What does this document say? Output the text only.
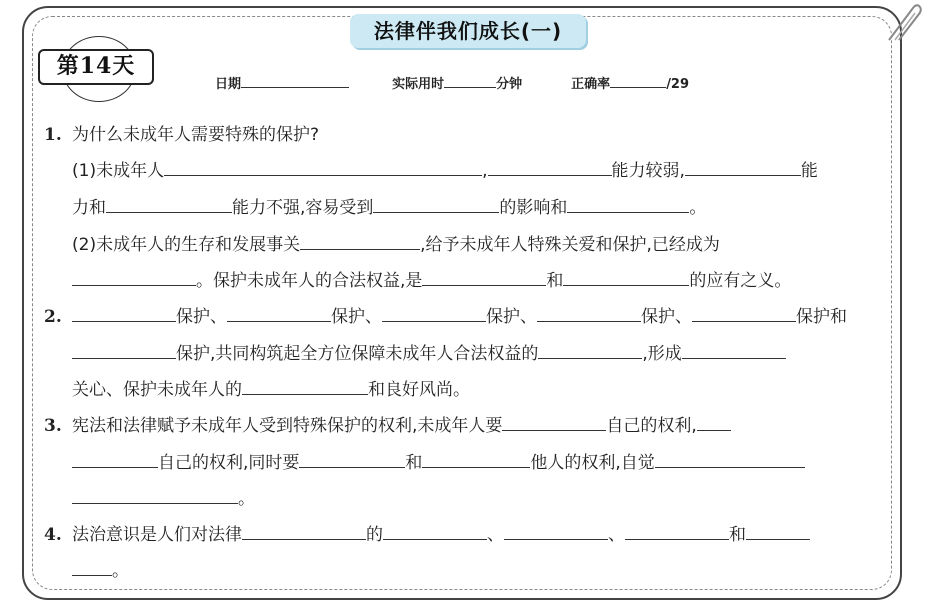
法律伴我们成长(一)
第14天
日期	实际用时	分钟	正确率	/29
1. 为什么未成年人需要特殊的保护?
(1)未成年人	,	能力较弱,	能
力和	能力不强,容易受到	的影响和	。
(2)未成年人的生存和发展事关	,给予未成年人特殊关爱和保护,已经成为
。保护未成年人的合法权益,是	和	的应有之义。
2.	保护、	保护、	保护、	保护、	保护和
保护,共同构筑起全方位保障未成年人合法权益的	,形成
关心、保护未成年人的	和良好风尚。
3. 宪法和法律赋予未成年人受到特殊保护的权利,未成年人要	自己的权利,
自己的权利,同时要	和	他人的权利,自觉
。
4. 法治意识是人们对法律	的	、	、	和
。
